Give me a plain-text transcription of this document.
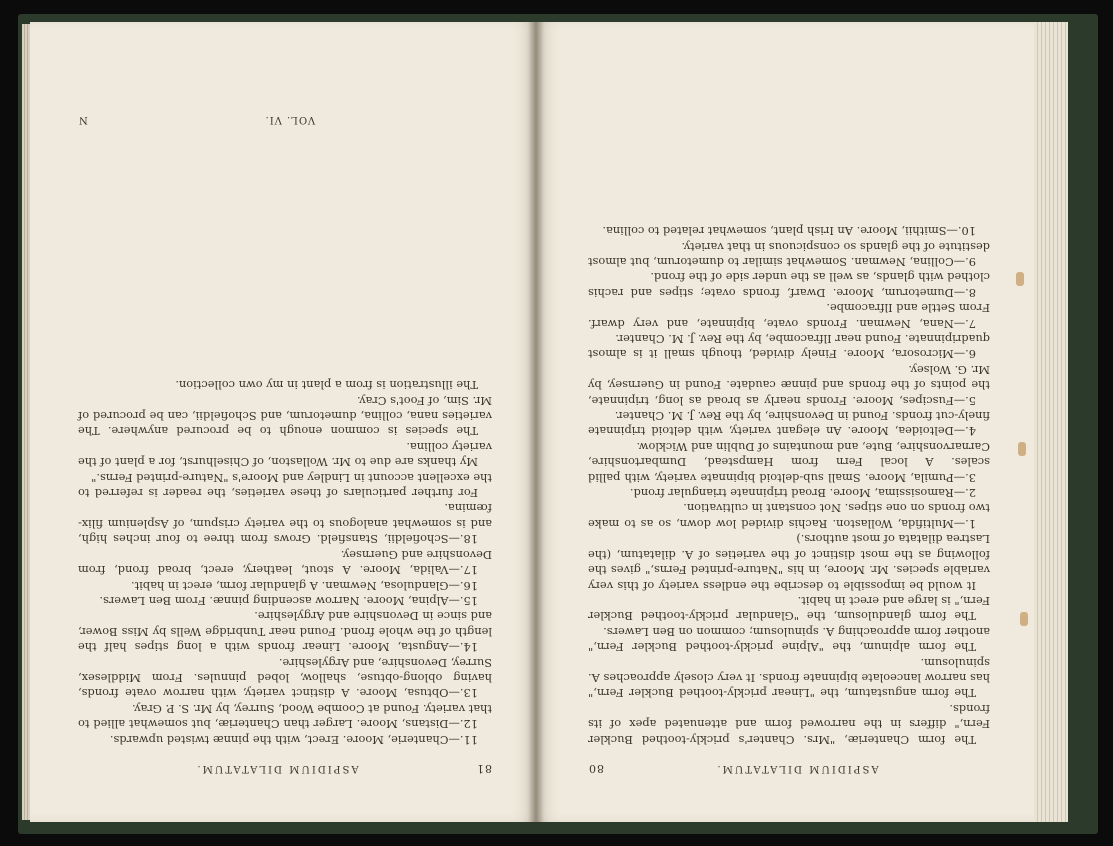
81
ASPIDIUM DILATATUM.

11.—Chanterie, Moore. Erect, with the pinnæ twisted upwards.

12.—Distans, Moore. Larger than Chanteriæ, but somewhat allied to that variety. Found at Coombe Wood, Surrey, by Mr. S. P. Gray.

13.—Obtusa, Moore. A distinct variety, with narrow ovate fronds, having oblong-obtuse, shallow, lobed pinnules. From Middlesex, Surrey, Devonshire, and Argyleshire.

14.—Angusta, Moore. Linear fronds with a long stipes half the length of the whole frond. Found near Tunbridge Wells by Miss Bower, and since in Devonshire and Argyleshire.

15.—Alpina, Moore. Narrow ascending pinnæ. From Ben Lawers.

16.—Glandulosa, Newman. A glandular form, erect in habit.

17.—Valida, Moore. A stout, leathery, erect, broad frond, from Devonshire and Guernsey.

18.—Schofieldii, Stansfield. Grows from three to four inches high, and is somewhat analogous to the variety crispum, of Asplenium filix-fœmina.

For further particulars of these varieties, the reader is referred to the excellent account in Lindley and Moore's "Nature-printed Ferns."

My thanks are due to Mr. Wollaston, of Chiselhurst, for a plant of the variety collina.

The species is common enough to be procured anywhere. The varieties nana, collina, dumetorum, and Schofieldii, can be procured of Mr. Sim, of Foot's Cray.

The illustration is from a plant in my own collection.

VOL. VI.
N
ASPIDIUM DILATATUM.
80

The form Chanteriæ, "Mrs. Chanter's prickly-toothed Buckler Fern," differs in the narrowed form and attenuated apex of its fronds.

The form angustatum, the "Linear prickly-toothed Buckler Fern," has narrow lanceolate bipinnate fronds. It very closely approaches A. spinulosum.

The form alpinum, the "Alpine prickly-toothed Buckler Fern," another form approaching A. spinulosum; common on Ben Lawers.

The form glandulosum, the "Glandular prickly-toothed Buckler Fern," is large and erect in habit.

It would be impossible to describe the endless variety of this very variable species. Mr. Moore, in his "Nature-printed Ferns," gives the following as the most distinct of the varieties of A. dilatatum, (the Lastrea dilatata of most authors.)

1.—Multifida, Wollaston. Rachis divided low down, so as to make two fronds on one stipes. Not constant in cultivation.

2.—Ramosissima, Moore. Broad tripinnate triangular frond.

3.—Pumila, Moore. Small sub-deltoid bipinnate variety, with pallid scales. A local Fern from Hampstead, Dumbartonshire, Carnarvonshire, Bute, and mountains of Dublin and Wicklow.

4.—Deltoidea, Moore. An elegant variety, with deltoid tripinnate finely-cut fronds. Found in Devonshire, by the Rev. J. M. Chanter.

5.—Fuscipes, Moore. Fronds nearly as broad as long, tripinnate, the points of the fronds and pinnæ caudate. Found in Guernsey, by Mr. G. Wolsey.

6.—Microsora, Moore. Finely divided, though small it is almost quadripinnate. Found near Ilfracombe, by the Rev. J. M. Chanter.

7.—Nana, Newman. Fronds ovate, bipinnate, and very dwarf. From Settle and Ilfracombe.

8.—Dumetorum, Moore. Dwarf, fronds ovate; stipes and rachis clothed with glands, as well as the under side of the frond.

9.—Collina, Newman. Somewhat similar to dumetorum, but almost destitute of the glands so conspicuous in that variety.

10.—Smithii, Moore. An Irish plant, somewhat related to collina.
